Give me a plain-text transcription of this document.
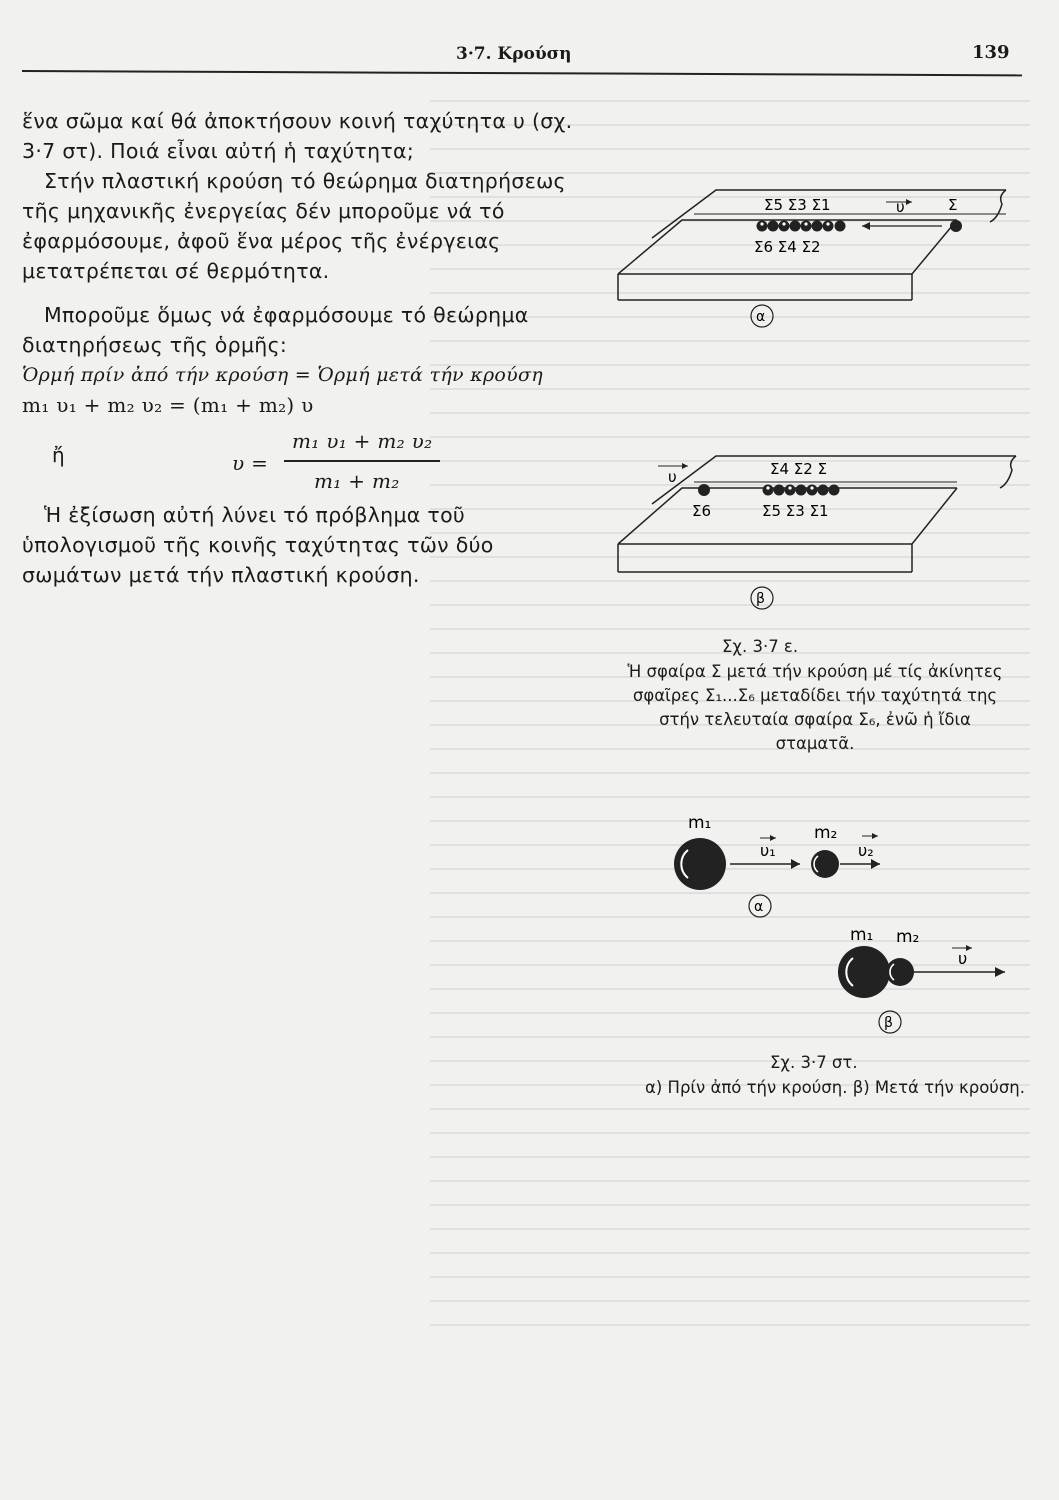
3·7. Κρούση	139

ἕνα σῶμα καί θά ἀποκτήσουν κοινή ταχύτητα υ (σχ. 3·7 στ). Ποιά εἶναι αὐτή ἡ ταχύτητα;

Στήν πλαστική κρούση τό θεώρημα διατηρήσεως τῆς μηχανικῆς ἐνεργείας δέν μποροῦμε νά τό ἐφαρμόσουμε, ἀφοῦ ἕνα μέρος τῆς ἐνέργειας μετατρέπεται σέ θερμότητα.

Μποροῦμε ὅμως νά ἐφαρμόσουμε τό θεώρημα διατηρήσεως τῆς ὁρμῆς:

Ὁρμή πρίν ἀπό τήν κρούση = Ὁρμή μετά τήν κρούση

m₁ υ₁ + m₂ υ₂ = (m₁ + m₂) υ

ἤ	υ =
m₁ υ₁ + m₂ υ₂
m₁ + m₂

Ἡ ἐξίσωση αὐτή λύνει τό πρόβλημα τοῦ ὑπολογισμοῦ τῆς κοινῆς ταχύτητας τῶν δύο σωμάτων μετά τήν πλαστική κρούση.

Σ5 Σ3 Σ1
Σ6 Σ4 Σ2
υ	Σ
α
υ	Σ4 Σ2 Σ
Σ6	Σ5 Σ3 Σ1
β
Σχ. 3·7 ε.
Ἡ σφαίρα Σ μετά τήν κρούση μέ τίς ἀκίνητες σφαῖρες Σ₁...Σ₆ μεταδίδει τήν ταχύτητά της στήν τελευταία σφαίρα Σ₆, ἐνῶ ἡ ἴδια σταματᾶ.
m₁	m₂
υ₁	υ₂
α
m₁ m₂
υ
β
Σχ. 3·7 στ.
α) Πρίν ἀπό τήν κρούση. β) Μετά τήν κρούση.
